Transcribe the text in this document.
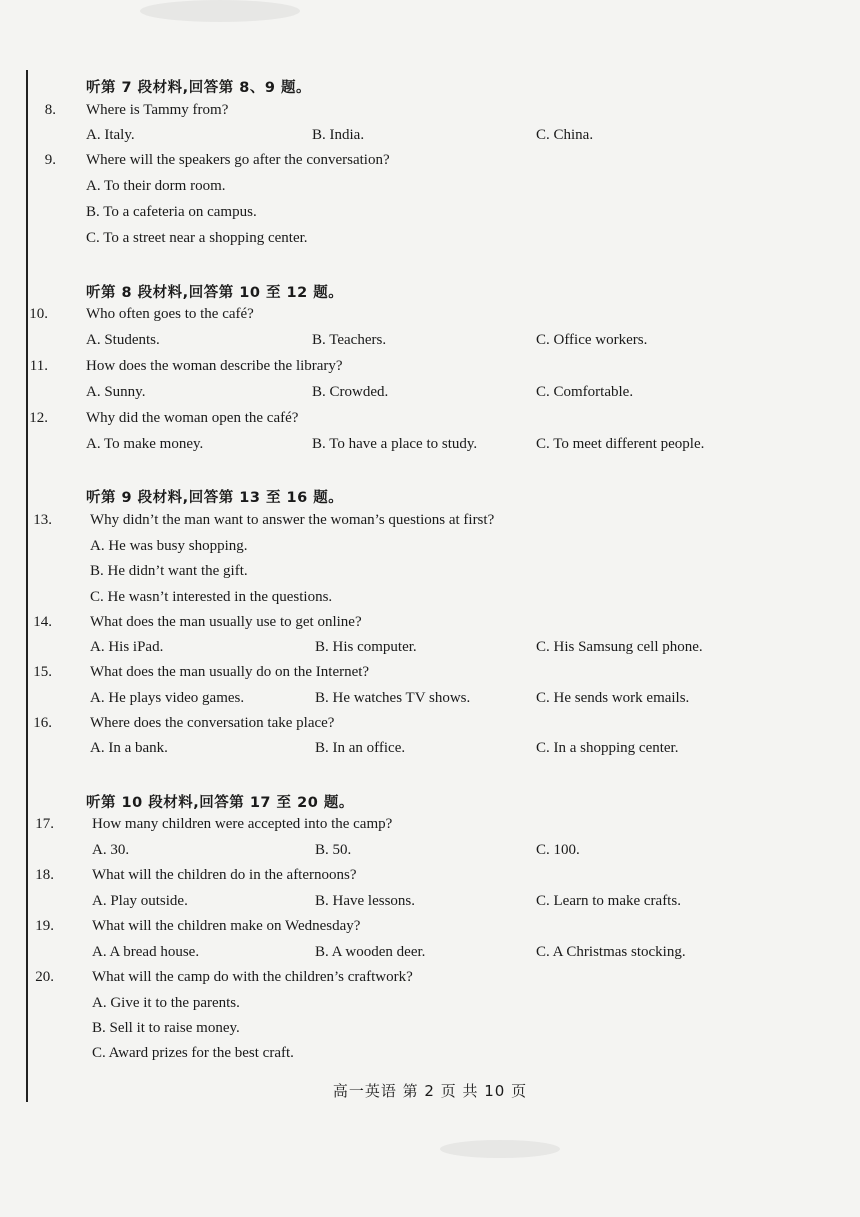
听第 7 段材料,回答第 8、9 题。
8. Where is Tammy from?
A. Italy.	B. India.	C. China.
9. Where will the speakers go after the conversation?
A. To their dorm room.
B. To a cafeteria on campus.
C. To a street near a shopping center.
听第 8 段材料,回答第 10 至 12 题。
10.	Who often goes to the café?
A. Students.	B. Teachers.	C. Office workers.
11.	How does the woman describe the library?
A. Sunny.	B. Crowded.	C. Comfortable.
12.	Why did the woman open the café?
A. To make money.	B. To have a place to study.	C. To meet different people.
听第 9 段材料,回答第 13 至 16 题。
13.	Why didn’t the man want to answer the woman’s questions at first?
A. He was busy shopping.
B. He didn’t want the gift.
C. He wasn’t interested in the questions.
14.	What does the man usually use to get online?
A. His iPad.	B. His computer.	C. His Samsung cell phone.
15.	What does the man usually do on the Internet?
A. He plays video games.	B. He watches TV shows.	C. He sends work emails.
16.	Where does the conversation take place?
A. In a bank.	B. In an office.	C. In a shopping center.
听第 10 段材料,回答第 17 至 20 题。
17.	How many children were accepted into the camp?
A. 30.	B. 50.	C. 100.
18.	What will the children do in the afternoons?
A. Play outside.	B. Have lessons.	C. Learn to make crafts.
19.	What will the children make on Wednesday?
A. A bread house.	B. A wooden deer.	C. A Christmas stocking.
20.	What will the camp do with the children’s craftwork?
A. Give it to the parents.
B. Sell it to raise money.
C. Award prizes for the best craft.
高一英语 第 2 页 共 10 页
